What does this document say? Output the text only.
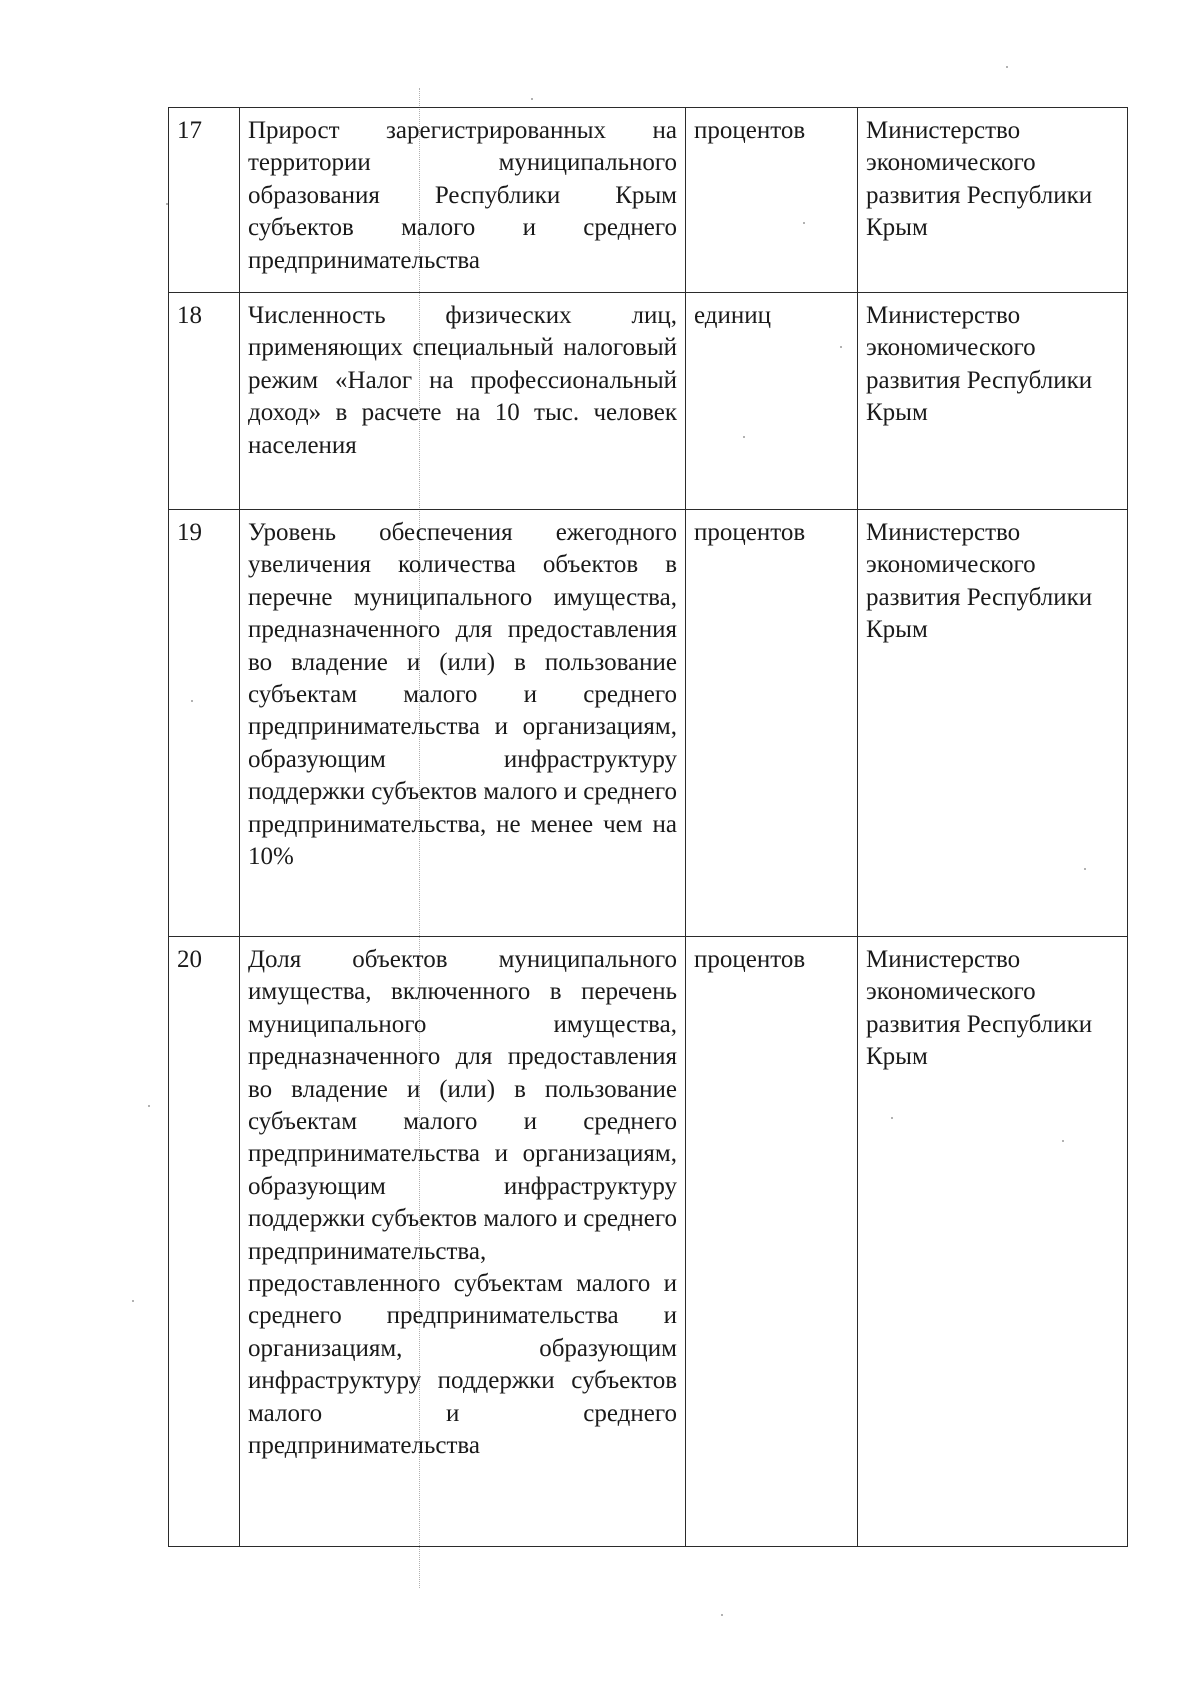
17	Прирост зарегистрированных на территории муниципального образования Республики Крым субъектов малого и среднего предпринимательства	процентов	Министерство экономического развития Республики Крым
18	Численность физических лиц, применяющих специальный налоговый режим «Налог на профессиональный доход» в расчете на 10 тыс. человек населения	единиц	Министерство экономического развития Республики Крым
19	Уровень обеспечения ежегодного увеличения количества объектов в перечне муниципального имущества, предназначенного для предоставления во владение и (или) в пользование субъектам малого и среднего предпринимательства и организациям, образующим инфраструктуру поддержки субъектов малого и среднего предпринимательства, не менее чем на 10%	процентов	Министерство экономического развития Республики Крым
20	Доля объектов муниципального имущества, включенного в перечень муниципального имущества, предназначенного для предоставления во владение и (или) в пользование субъектам малого и среднего предпринимательства и организациям, образующим инфраструктуру поддержки субъектов малого и среднего предпринимательства, предоставленного субъектам малого и среднего предпринимательства и организациям, образующим инфраструктуру поддержки субъектов малого и среднего предпринимательства	процентов	Министерство экономического развития Республики Крым
